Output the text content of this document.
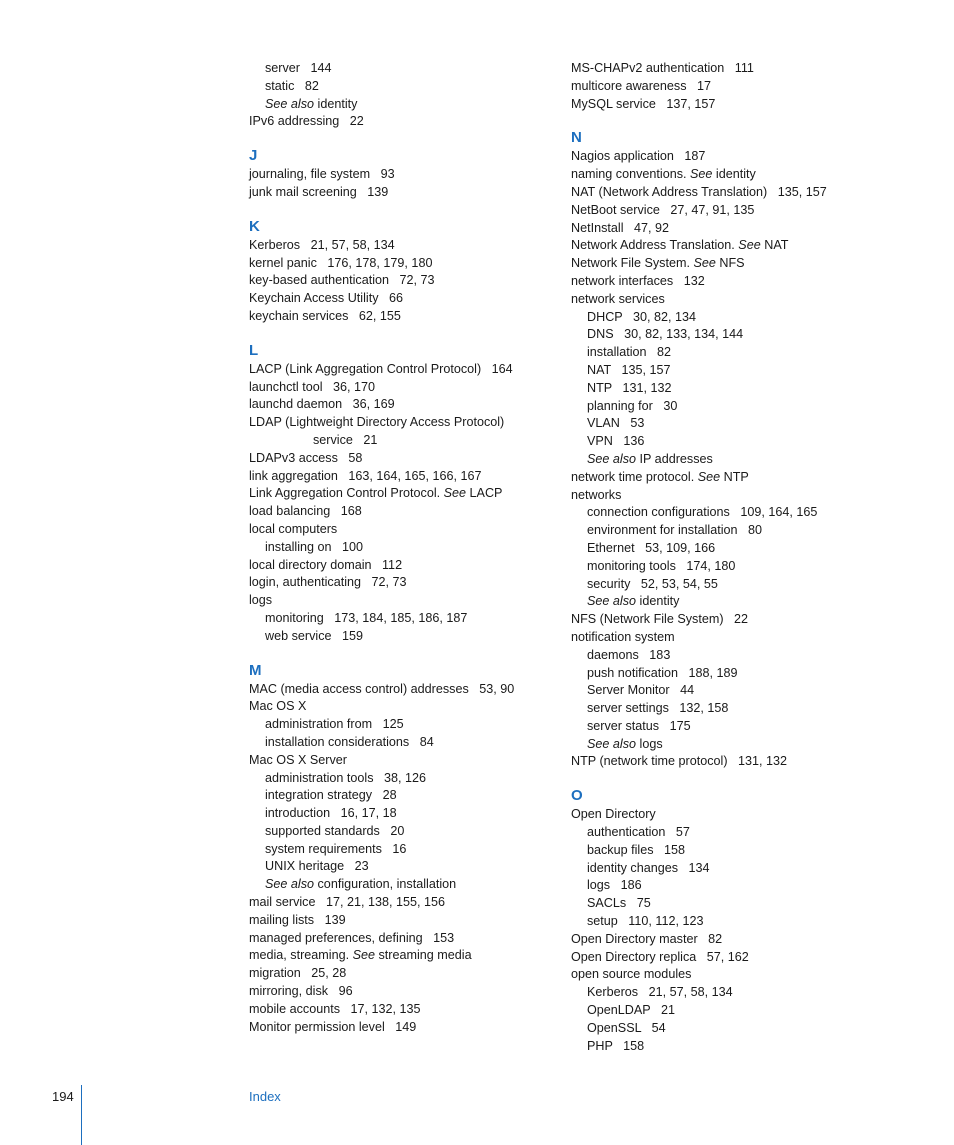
server   144
static   82
See also identity
IPv6 addressing   22
J
journaling, file system   93
junk mail screening   139
K
Kerberos   21, 57, 58, 134
kernel panic   176, 178, 179, 180
key-based authentication   72, 73
Keychain Access Utility   66
keychain services   62, 155
L
LACP (Link Aggregation Control Protocol)   164
launchctl tool   36, 170
launchd daemon   36, 169
LDAP (Lightweight Directory Access Protocol)
service   21
LDAPv3 access   58
link aggregation   163, 164, 165, 166, 167
Link Aggregation Control Protocol. See LACP
load balancing   168
local computers
installing on   100
local directory domain   112
login, authenticating   72, 73
logs
monitoring   173, 184, 185, 186, 187
web service   159
M
MAC (media access control) addresses   53, 90
Mac OS X
administration from   125
installation considerations   84
Mac OS X Server
administration tools   38, 126
integration strategy   28
introduction   16, 17, 18
supported standards   20
system requirements   16
UNIX heritage   23
See also configuration, installation
mail service   17, 21, 138, 155, 156
mailing lists   139
managed preferences, defining   153
media, streaming. See streaming media
migration   25, 28
mirroring, disk   96
mobile accounts   17, 132, 135
Monitor permission level   149
MS-CHAPv2 authentication   111
multicore awareness   17
MySQL service   137, 157
N
Nagios application   187
naming conventions. See identity
NAT (Network Address Translation)   135, 157
NetBoot service   27, 47, 91, 135
NetInstall   47, 92
Network Address Translation. See NAT
Network File System. See NFS
network interfaces   132
network services
DHCP   30, 82, 134
DNS   30, 82, 133, 134, 144
installation   82
NAT   135, 157
NTP   131, 132
planning for   30
VLAN   53
VPN   136
See also IP addresses
network time protocol. See NTP
networks
connection configurations   109, 164, 165
environment for installation   80
Ethernet   53, 109, 166
monitoring tools   174, 180
security   52, 53, 54, 55
See also identity
NFS (Network File System)   22
notification system
daemons   183
push notification   188, 189
Server Monitor   44
server settings   132, 158
server status   175
See also logs
NTP (network time protocol)   131, 132
O
Open Directory
authentication   57
backup files   158
identity changes   134
logs   186
SACLs   75
setup   110, 112, 123
Open Directory master   82
Open Directory replica   57, 162
open source modules
Kerberos   21, 57, 58, 134
OpenLDAP   21
OpenSSL   54
PHP   158
194	Index
